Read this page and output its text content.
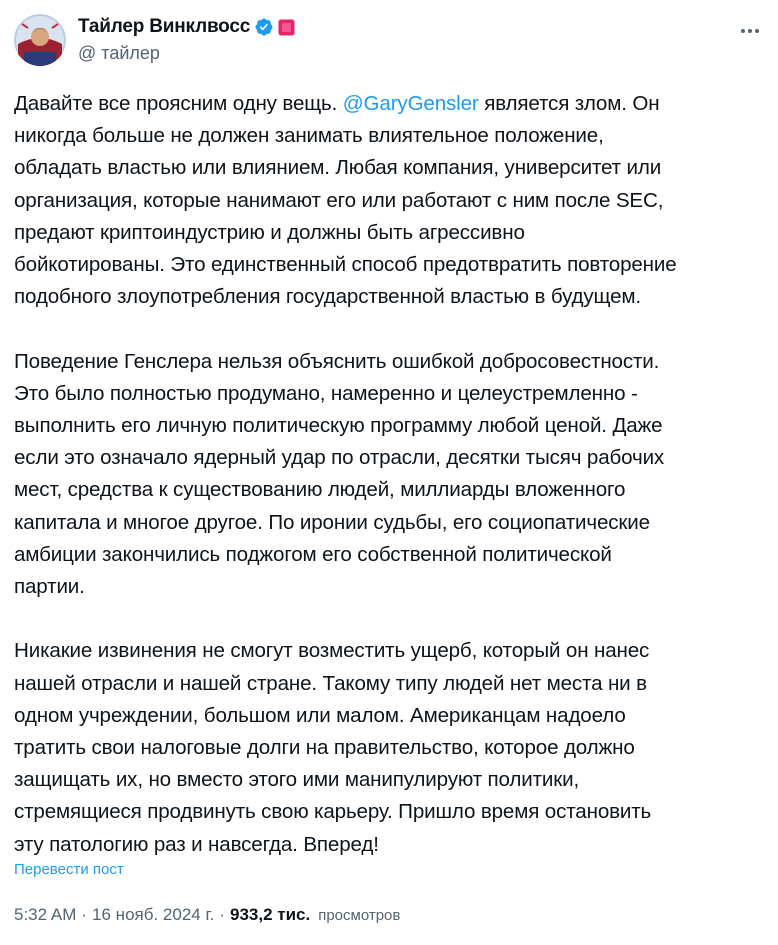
Тайлер Винклвосс
@ тайлер

Давайте все проясним одну вещь. @GaryGensler является злом. Он
никогда больше не должен занимать влиятельное положение,
обладать властью или влиянием. Любая компания, университет или
организация, которые нанимают его или работают с ним после SEC,
предают криптоиндустрию и должны быть агрессивно
бойкотированы. Это единственный способ предотвратить повторение
подобного злоупотребления государственной властью в будущем.

Поведение Генслера нельзя объяснить ошибкой добросовестности.
Это было полностью продумано, намеренно и целеустремленно -
выполнить его личную политическую программу любой ценой. Даже
если это означало ядерный удар по отрасли, десятки тысяч рабочих
мест, средства к существованию людей, миллиарды вложенного
капитала и многое другое. По иронии судьбы, его социопатические
амбиции закончились поджогом его собственной политической
партии.

Никакие извинения не смогут возместить ущерб, который он нанес
нашей отрасли и нашей стране. Такому типу людей нет места ни в
одном учреждении, большом или малом. Американцам надоело
тратить свои налоговые долги на правительство, которое должно
защищать их, но вместо этого ими манипулируют политики,
стремящиеся продвинуть свою карьеру. Пришло время остановить
эту патологию раз и навсегда. Вперед!

Перевести пост
5:32 AM · 16 нояб. 2024 г. · 933,2 тис. просмотров
